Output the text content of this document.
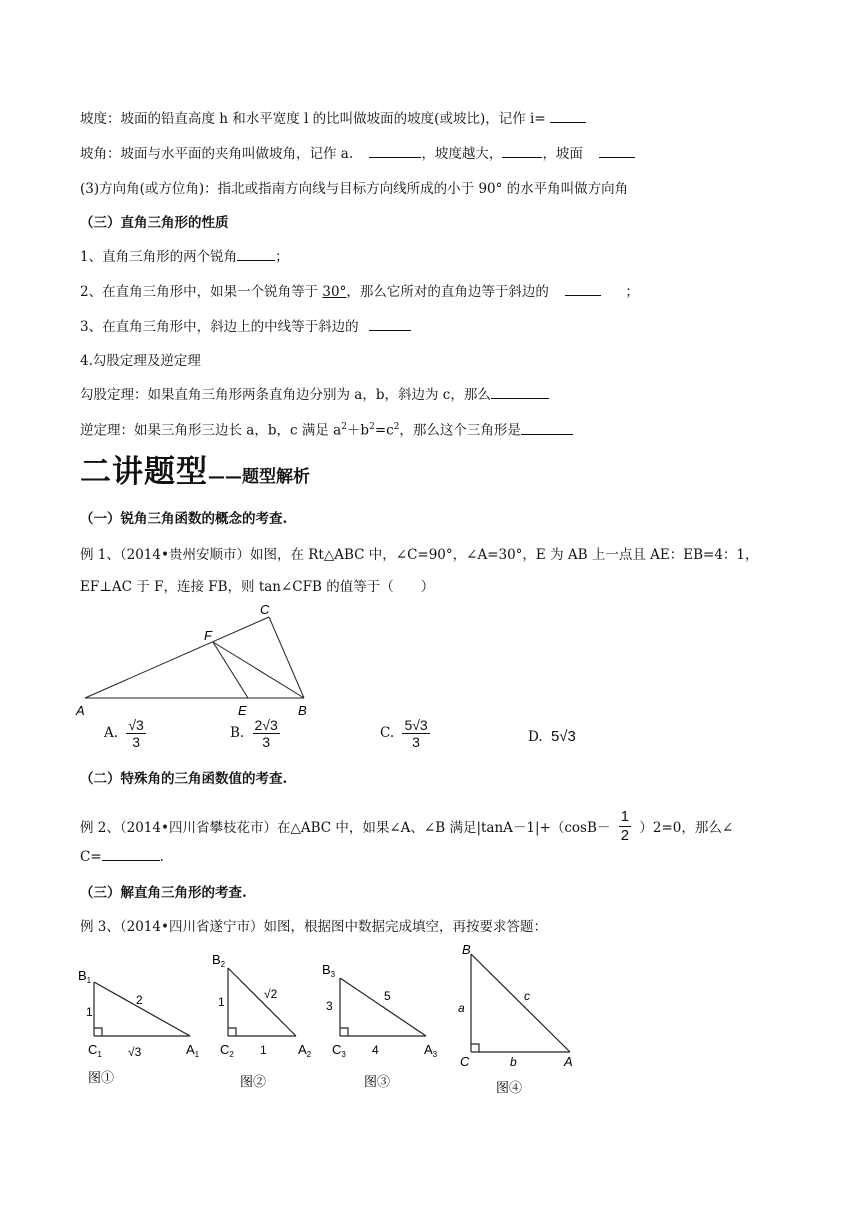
坡度：坡面的铅直高度 h 和水平宽度 l 的比叫做坡面的坡度(或坡比)，记作 i=
坡角：坡面与水平面的夹角叫做坡角，记作 a.	，坡度越大，	，坡面
(3)方向角(或方位角)：指北或指南方向线与目标方向线所成的小于 90° 的水平角叫做方向角
（三）直角三角形的性质
1、直角三角形的两个锐角	；
2、在直角三角形中，如果一个锐角等于 30°，那么它所对的直角边等于斜边的	；
3、在直角三角形中，斜边上的中线等于斜边的
4.勾股定理及逆定理
勾股定理：如果直角三角形两条直角边分别为 a，b，斜边为 c，那么
逆定理：如果三角形三边长 a，b，c 满足 $a^2+b^2=c^2$，那么这个三角形是
二讲题型——题型解析
（一）锐角三角函数的概念的考查.
例 1、（2014•贵州安顺市）如图，在 Rt△ABC 中，∠C=90°，∠A=30°，E 为 AB 上一点且 AE：EB=4：1，
EF⊥AC 于 F，连接 FB，则 tan∠CFB 的值等于（　　）
C
F
A	E	B
A. $\frac{√3}{3}$	B. $\frac{2√3}{3}$	C. $\frac{5√3}{3}$	D. 5√3
（二）特殊角的三角函数值的考查.
例 2、（2014•四川省攀枝花市）在△ABC 中，如果∠A、∠B 满足$|\tan A-1|+(\cos B- \frac{1}{2} )2=0$，那么∠
C=	.
（三）解直角三角形的考查.
例 3、（2014•四川省遂宁市）如图，根据图中数据完成填空，再按要求答题：
$B_1$
1
2
$C_1$ √3	$A_1$
图①
$B_2$
1
√2
$C_2$ 1 $A_2$
图②
$B_3$
3
5
$C_3$ 4	$A_3$
图③
B
a
c
C	b	A
图④
